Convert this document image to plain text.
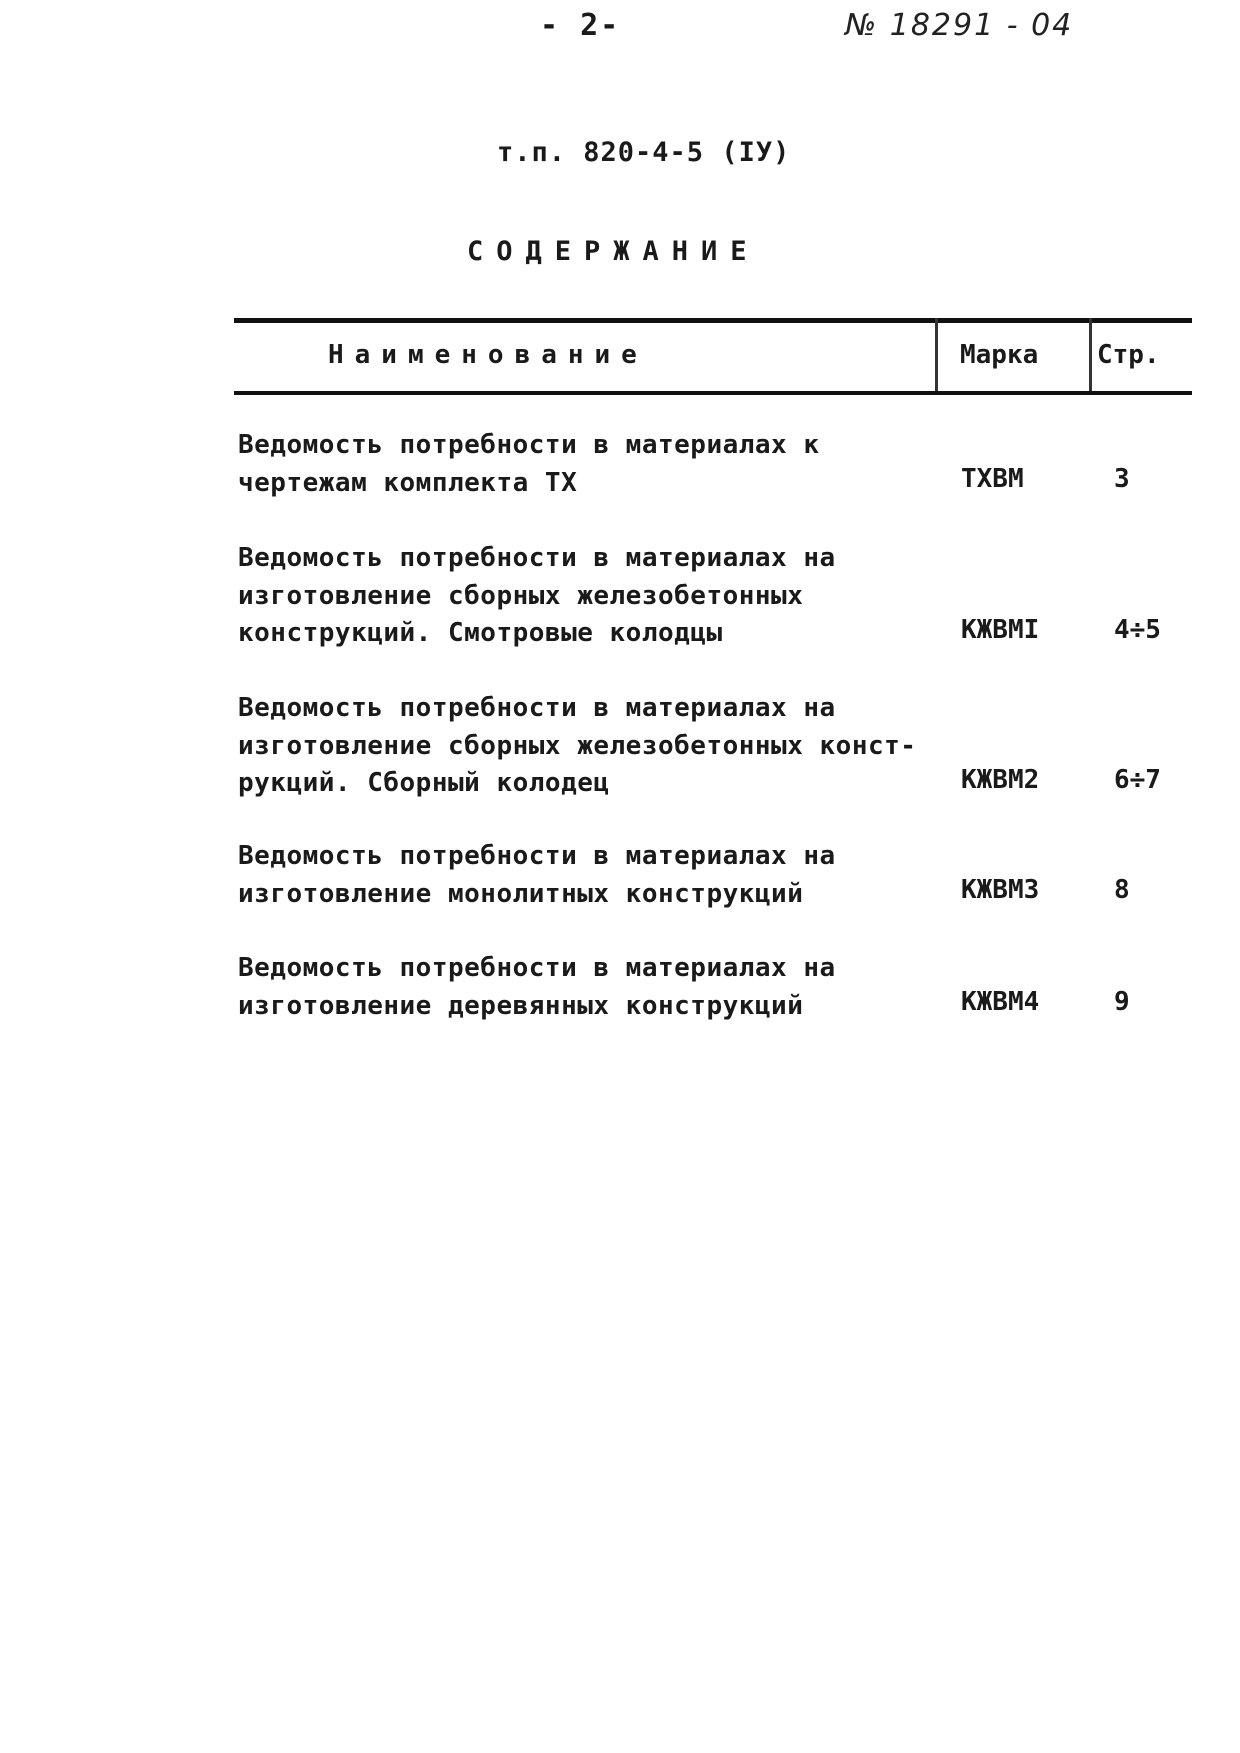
- 2-	№ 18291 - 04
т.п. 820-4-5 (IУ)
СОДЕРЖАНИЕ
Наименование	Марка Стр.
Ведомость потребности в материалах к
чертежам комплекта ТХ	ТХВМ	3
Ведомость потребности в материалах на
изготовление сборных железобетонных
конструкций. Смотровые колодцы	КЖВМI	4÷5
Ведомость потребности в материалах на
изготовление сборных железобетонных конст-
рукций. Сборный колодец	КЖВМ2	6÷7
Ведомость потребности в материалах на
изготовление монолитных конструкций	КЖВМ3	8
Ведомость потребности в материалах на
изготовление деревянных конструкций	КЖВМ4	9
